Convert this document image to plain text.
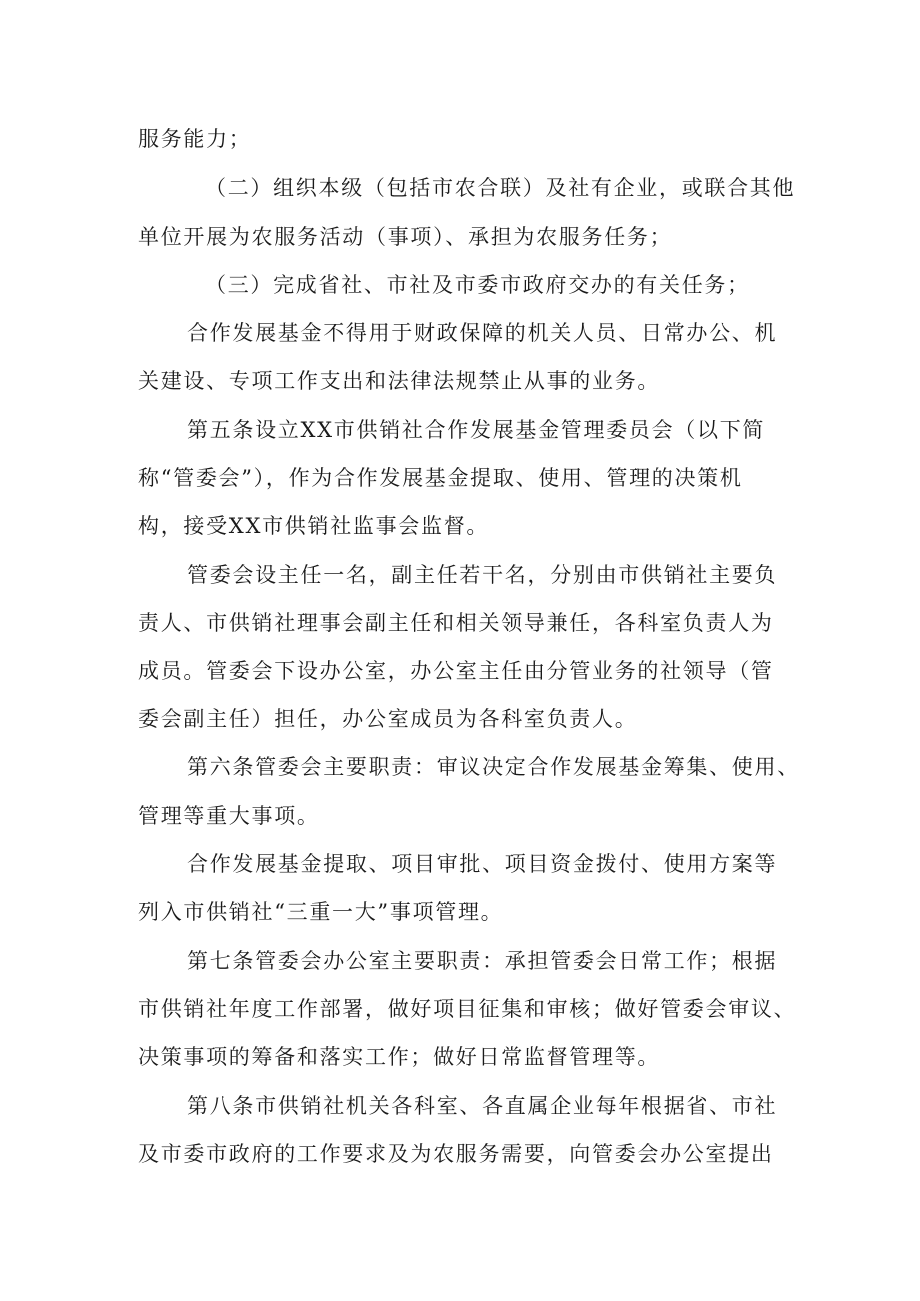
服务能力；
（二）组织本级（包括市农合联）及社有企业，或联合其他
单位开展为农服务活动（事项）、承担为农服务任务；
（三）完成省社、市社及市委市政府交办的有关任务；
合作发展基金不得用于财政保障的机关人员、日常办公、机
关建设、专项工作支出和法律法规禁止从事的业务。
第五条设立XX市供销社合作发展基金管理委员会（以下简
称“管委会”），作为合作发展基金提取、使用、管理的决策机
构，接受XX市供销社监事会监督。
管委会设主任一名，副主任若干名，分别由市供销社主要负
责人、市供销社理事会副主任和相关领导兼任，各科室负责人为
成员。管委会下设办公室，办公室主任由分管业务的社领导（管
委会副主任）担任，办公室成员为各科室负责人。
第六条管委会主要职责：审议决定合作发展基金筹集、使用、
管理等重大事项。
合作发展基金提取、项目审批、项目资金拨付、使用方案等
列入市供销社“三重一大”事项管理。
第七条管委会办公室主要职责：承担管委会日常工作；根据
市供销社年度工作部署，做好项目征集和审核；做好管委会审议、
决策事项的筹备和落实工作；做好日常监督管理等。
第八条市供销社机关各科室、各直属企业每年根据省、市社
及市委市政府的工作要求及为农服务需要，向管委会办公室提出
